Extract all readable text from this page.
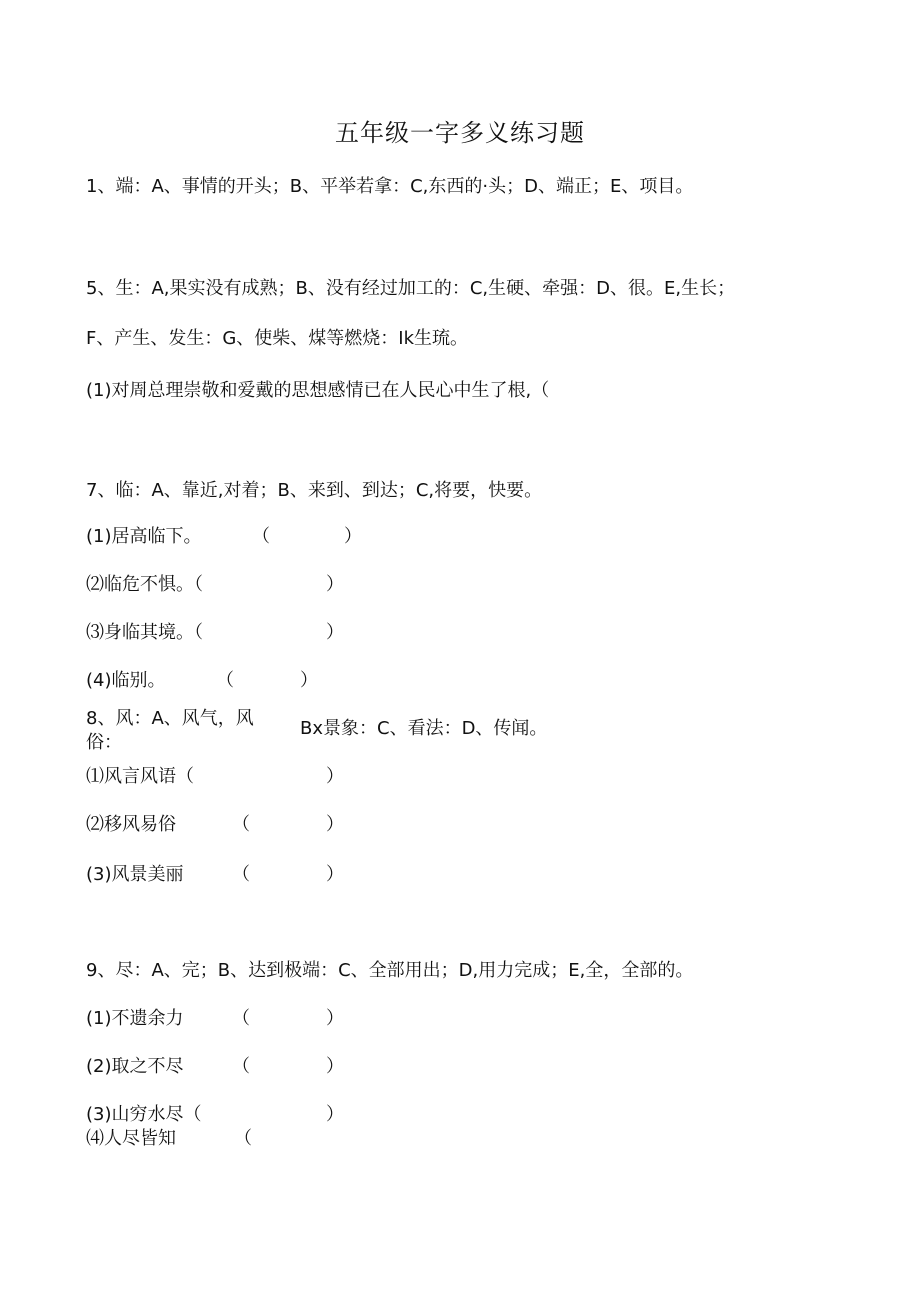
五年级一字多义练习题
1、端：A、事情的开头；B、平举若拿：C,东西的·头；D、端正；E、项目。
5、生：A,果实没有成熟；B、没有经过加工的：C,生硬、牵强：D、很。E,生长；
F、产生、发生：G、使柴、煤等燃烧：Ik生琉。
(1)对周总理崇敬和爱戴的思想感情已在人民心中生了根,（
7、临：A、靠近,对着；B、来到、到达；C,将要，快要。
(1)居高临下。	（	）
⑵临危不惧。（	）
⑶身临其境。（	）
(4)临别。	（	）
8、风：A、风气，风
俗：
Bx景象：C、看法：D、传闻。
⑴风言风语（	）
⑵移风易俗	（	）
(3)风景美丽	（	）
9、尽：A、完；B、达到极端：C、全部用出；D,用力完成；E,全，全部的。
(1)不遗余力	（	）
(2)取之不尽	（	）
(3)山穷水尽（	）
⑷人尽皆知	（
